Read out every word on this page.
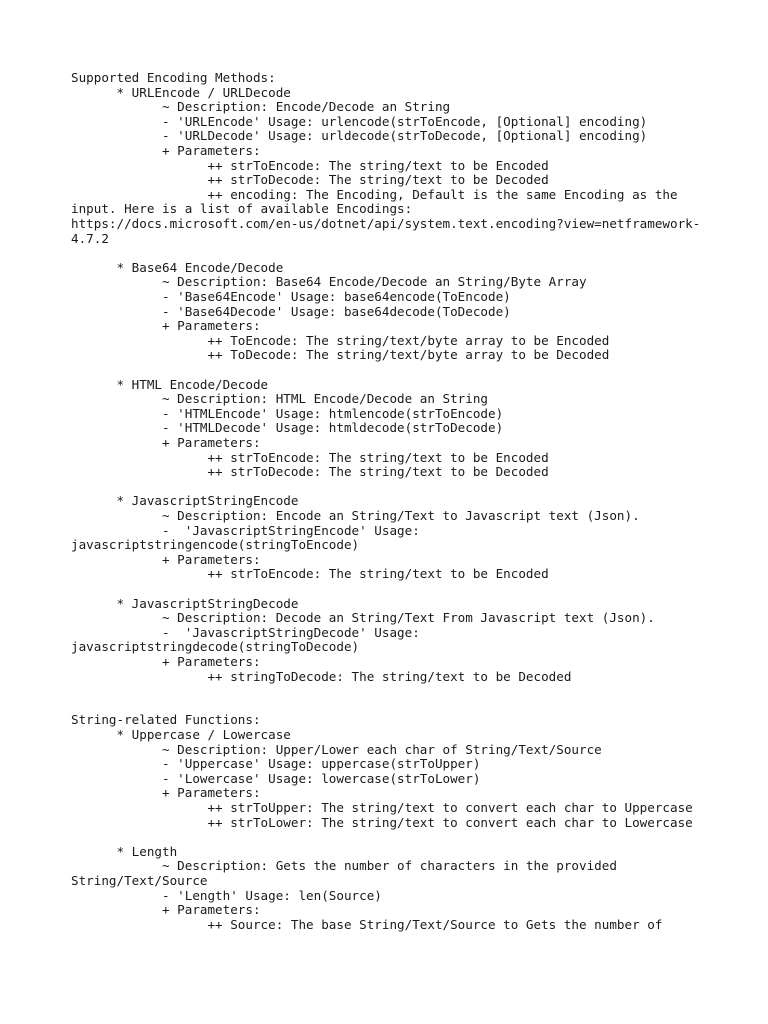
Supported Encoding Methods:
* URLEncode / URLDecode
~ Description: Encode/Decode an String
- 'URLEncode' Usage: urlencode(strToEncode, [Optional] encoding)
- 'URLDecode' Usage: urldecode(strToDecode, [Optional] encoding)
+ Parameters:
++ strToEncode: The string/text to be Encoded
++ strToDecode: The string/text to be Decoded
++ encoding: The Encoding, Default is the same Encoding as the
input. Here is a list of available Encodings:
https://docs.microsoft.com/en-us/dotnet/api/system.text.encoding?view=netframework-
4.7.2
* Base64 Encode/Decode
~ Description: Base64 Encode/Decode an String/Byte Array
- 'Base64Encode' Usage: base64encode(ToEncode)
- 'Base64Decode' Usage: base64decode(ToDecode)
+ Parameters:
++ ToEncode: The string/text/byte array to be Encoded
++ ToDecode: The string/text/byte array to be Decoded
* HTML Encode/Decode
~ Description: HTML Encode/Decode an String
- 'HTMLEncode' Usage: htmlencode(strToEncode)
- 'HTMLDecode' Usage: htmldecode(strToDecode)
+ Parameters:
++ strToEncode: The string/text to be Encoded
++ strToDecode: The string/text to be Decoded
* JavascriptStringEncode
~ Description: Encode an String/Text to Javascript text (Json).
-  'JavascriptStringEncode' Usage:
javascriptstringencode(stringToEncode)
+ Parameters:
++ strToEncode: The string/text to be Encoded
* JavascriptStringDecode
~ Description: Decode an String/Text From Javascript text (Json).
-  'JavascriptStringDecode' Usage:
javascriptstringdecode(stringToDecode)
+ Parameters:
++ stringToDecode: The string/text to be Decoded
String-related Functions:
* Uppercase / Lowercase
~ Description: Upper/Lower each char of String/Text/Source
- 'Uppercase' Usage: uppercase(strToUpper)
- 'Lowercase' Usage: lowercase(strToLower)
+ Parameters:
++ strToUpper: The string/text to convert each char to Uppercase
++ strToLower: The string/text to convert each char to Lowercase
* Length
~ Description: Gets the number of characters in the provided
String/Text/Source
- 'Length' Usage: len(Source)
+ Parameters:
++ Source: The base String/Text/Source to Gets the number of
